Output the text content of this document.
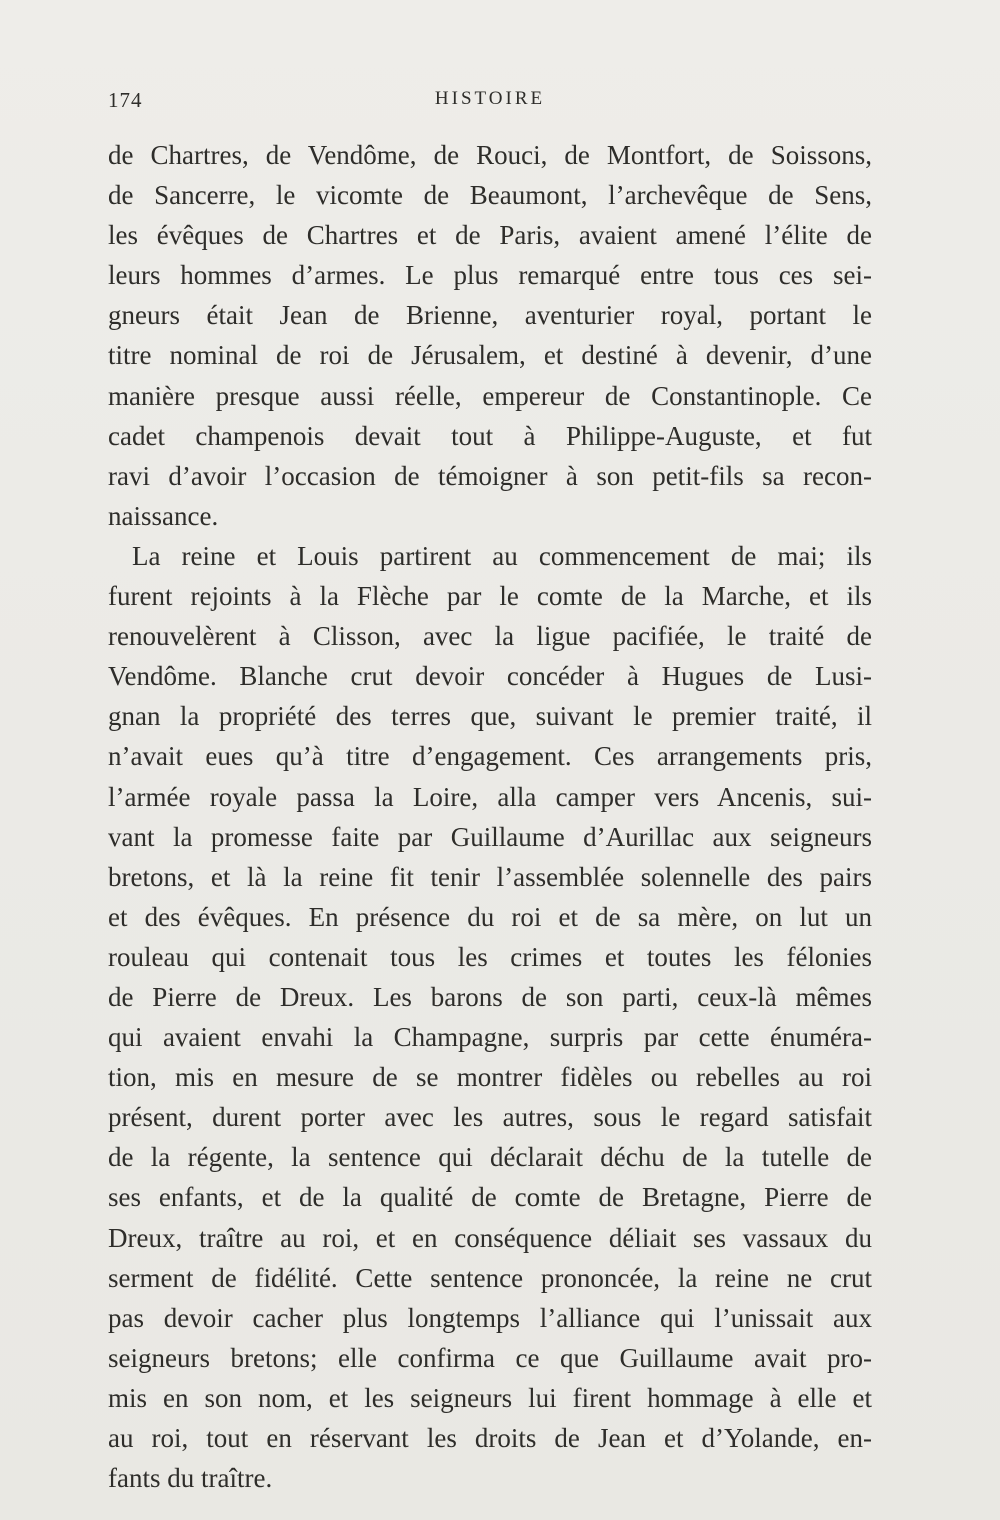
174	HISTOIRE
de Chartres, de Vendôme, de Rouci, de Montfort, de Soissons,
de Sancerre, le vicomte de Beaumont, l’archevêque de Sens,
les évêques de Chartres et de Paris, avaient amené l’élite de
leurs hommes d’armes. Le plus remarqué entre tous ces sei-
gneurs était Jean de Brienne, aventurier royal, portant le
titre nominal de roi de Jérusalem, et destiné à devenir, d’une
manière presque aussi réelle, empereur de Constantinople. Ce
cadet champenois devait tout à Philippe-Auguste, et fut
ravi d’avoir l’occasion de témoigner à son petit-fils sa recon-
naissance.
La reine et Louis partirent au commencement de mai; ils
furent rejoints à la Flèche par le comte de la Marche, et ils
renouvelèrent à Clisson, avec la ligue pacifiée, le traité de
Vendôme. Blanche crut devoir concéder à Hugues de Lusi-
gnan la propriété des terres que, suivant le premier traité, il
n’avait eues qu’à titre d’engagement. Ces arrangements pris,
l’armée royale passa la Loire, alla camper vers Ancenis, sui-
vant la promesse faite par Guillaume d’Aurillac aux seigneurs
bretons, et là la reine fit tenir l’assemblée solennelle des pairs
et des évêques. En présence du roi et de sa mère, on lut un
rouleau qui contenait tous les crimes et toutes les félonies
de Pierre de Dreux. Les barons de son parti, ceux-là mêmes
qui avaient envahi la Champagne, surpris par cette énuméra-
tion, mis en mesure de se montrer fidèles ou rebelles au roi
présent, durent porter avec les autres, sous le regard satisfait
de la régente, la sentence qui déclarait déchu de la tutelle de
ses enfants, et de la qualité de comte de Bretagne, Pierre de
Dreux, traître au roi, et en conséquence déliait ses vassaux du
serment de fidélité. Cette sentence prononcée, la reine ne crut
pas devoir cacher plus longtemps l’alliance qui l’unissait aux
seigneurs bretons; elle confirma ce que Guillaume avait pro-
mis en son nom, et les seigneurs lui firent hommage à elle et
au roi, tout en réservant les droits de Jean et d’Yolande, en-
fants du traître.
